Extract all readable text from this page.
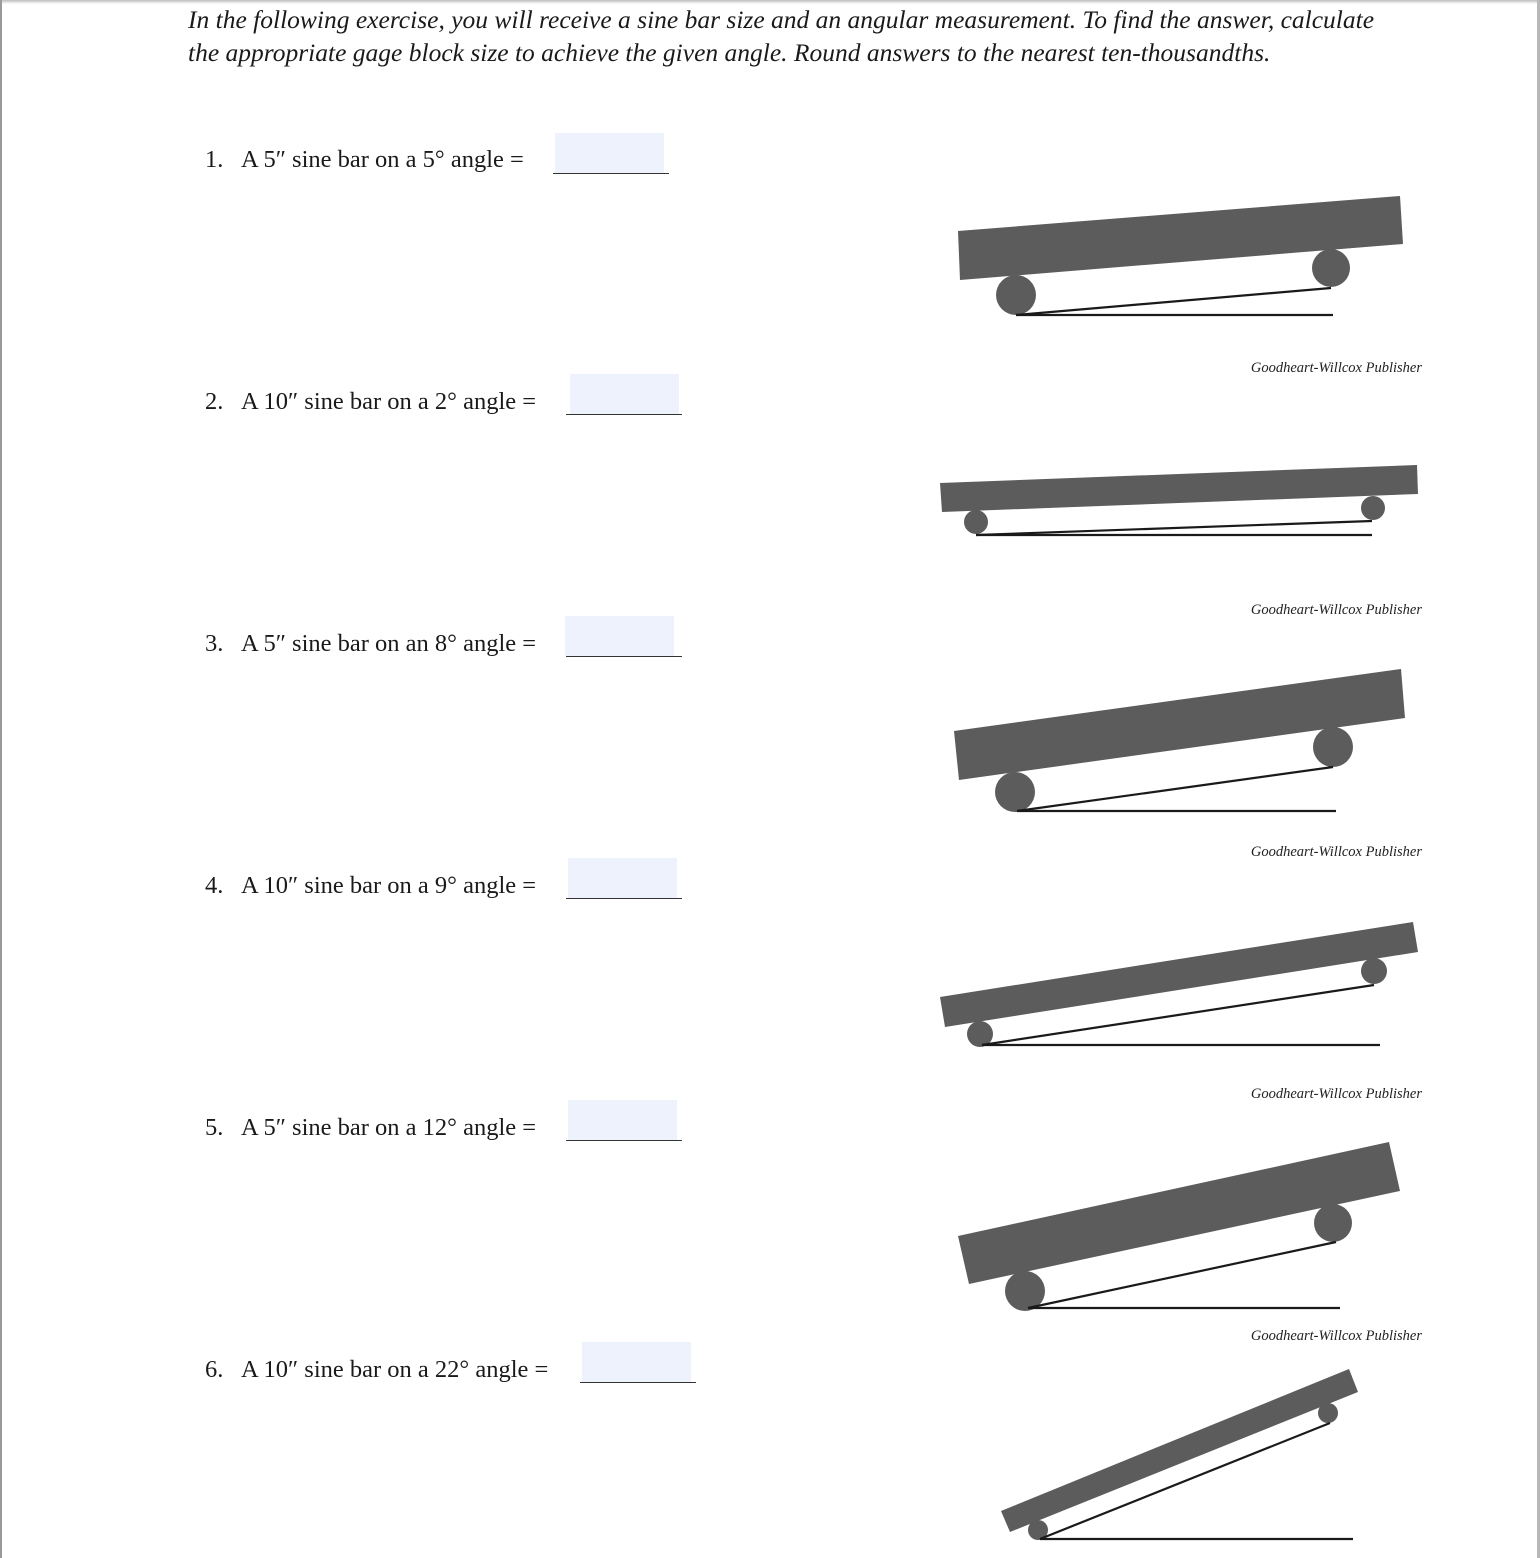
In the following exercise, you will receive a sine bar size and an angular measurement. To find the answer, calculate the appropriate gage block size to achieve the given angle. Round answers to the nearest ten-thousandths.

1. A 5″ sine bar on a 5° angle =
2. A 10″ sine bar on a 2° angle =
3. A 5″ sine bar on an 8° angle =
4. A 10″ sine bar on a 9° angle =
5. A 5″ sine bar on a 12° angle =
6. A 10″ sine bar on a 22° angle =
Goodheart-Willcox Publisher
Goodheart-Willcox Publisher
Goodheart-Willcox Publisher
Goodheart-Willcox Publisher
Goodheart-Willcox Publisher
